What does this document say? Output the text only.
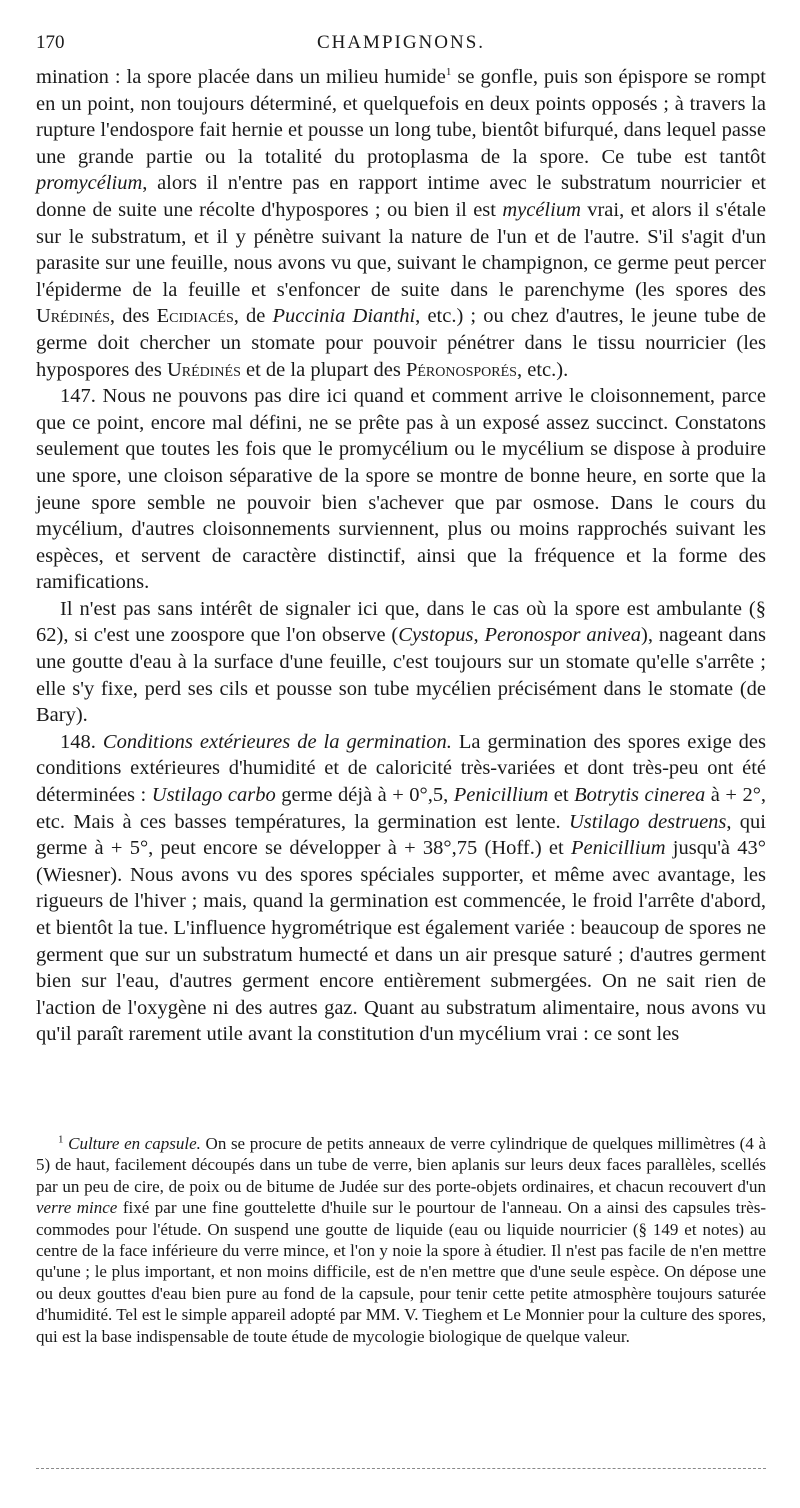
170	CHAMPIGNONS.

mination : la spore placée dans un milieu humide$^1$ se gonfle, puis son épispore se rompt en un point, non toujours déterminé, et quelquefois en deux points opposés ; à travers la rupture l'endospore fait hernie et pousse un long tube, bientôt bifurqué, dans lequel passe une grande partie ou la totalité du protoplasma de la spore. Ce tube est tantôt promycélium, alors il n'entre pas en rapport intime avec le substratum nourricier et donne de suite une récolte d'hypospores ; ou bien il est mycélium vrai, et alors il s'étale sur le substratum, et il y pénètre suivant la nature de l'un et de l'autre. S'il s'agit d'un parasite sur une feuille, nous avons vu que, suivant le champignon, ce germe peut percer l'épiderme de la feuille et s'enfoncer de suite dans le parenchyme (les spores des Urédinés, des Ecidiacés, de Puccinia Dianthi, etc.) ; ou chez d'autres, le jeune tube de germe doit chercher un stomate pour pouvoir pénétrer dans le tissu nourricier (les hypospores des Urédinés et de la plupart des Péronosporés, etc.).

147. Nous ne pouvons pas dire ici quand et comment arrive le cloisonnement, parce que ce point, encore mal défini, ne se prête pas à un exposé assez succinct. Constatons seulement que toutes les fois que le promycélium ou le mycélium se dispose à produire une spore, une cloison séparative de la spore se montre de bonne heure, en sorte que la jeune spore semble ne pouvoir bien s'achever que par osmose. Dans le cours du mycélium, d'autres cloisonnements surviennent, plus ou moins rapprochés suivant les espèces, et servent de caractère distinctif, ainsi que la fréquence et la forme des ramifications.

Il n'est pas sans intérêt de signaler ici que, dans le cas où la spore est ambulante (§ 62), si c'est une zoospore que l'on observe (Cystopus, Peronospor anivea), nageant dans une goutte d'eau à la surface d'une feuille, c'est toujours sur un stomate qu'elle s'arrête ; elle s'y fixe, perd ses cils et pousse son tube mycélien précisément dans le stomate (de Bary).

148. Conditions extérieures de la germination. La germination des spores exige des conditions extérieures d'humidité et de caloricité très-variées et dont très-peu ont été déterminées : Ustilago carbo germe déjà à + 0°,5, Penicillium et Botrytis cinerea à + 2°, etc. Mais à ces basses températures, la germination est lente. Ustilago destruens, qui germe à + 5°, peut encore se développer à + 38°,75 (Hoff.) et Penicillium jusqu'à 43° (Wiesner). Nous avons vu des spores spéciales supporter, et même avec avantage, les rigueurs de l'hiver ; mais, quand la germination est commencée, le froid l'arrête d'abord, et bientôt la tue. L'influence hygrométrique est également variée : beaucoup de spores ne germent que sur un substratum humecté et dans un air presque saturé ; d'autres germent bien sur l'eau, d'autres germent encore entièrement submergées. On ne sait rien de l'action de l'oxygène ni des autres gaz. Quant au substratum alimentaire, nous avons vu qu'il paraît rarement utile avant la constitution d'un mycélium vrai : ce sont les

$^1$ Culture en capsule. On se procure de petits anneaux de verre cylindrique de quelques millimètres (4 à 5) de haut, facilement découpés dans un tube de verre, bien aplanis sur leurs deux faces parallèles, scellés par un peu de cire, de poix ou de bitume de Judée sur des porte-objets ordinaires, et chacun recouvert d'un verre mince fixé par une fine gouttelette d'huile sur le pourtour de l'anneau. On a ainsi des capsules très-commodes pour l'étude. On suspend une goutte de liquide (eau ou liquide nourricier (§ 149 et notes) au centre de la face inférieure du verre mince, et l'on y noie la spore à étudier. Il n'est pas facile de n'en mettre qu'une ; le plus important, et non moins difficile, est de n'en mettre que d'une seule espèce. On dépose une ou deux gouttes d'eau bien pure au fond de la capsule, pour tenir cette petite atmosphère toujours saturée d'humidité. Tel est le simple appareil adopté par MM. V. Tieghem et Le Monnier pour la culture des spores, qui est la base indispensable de toute étude de mycologie biologique de quelque valeur.
